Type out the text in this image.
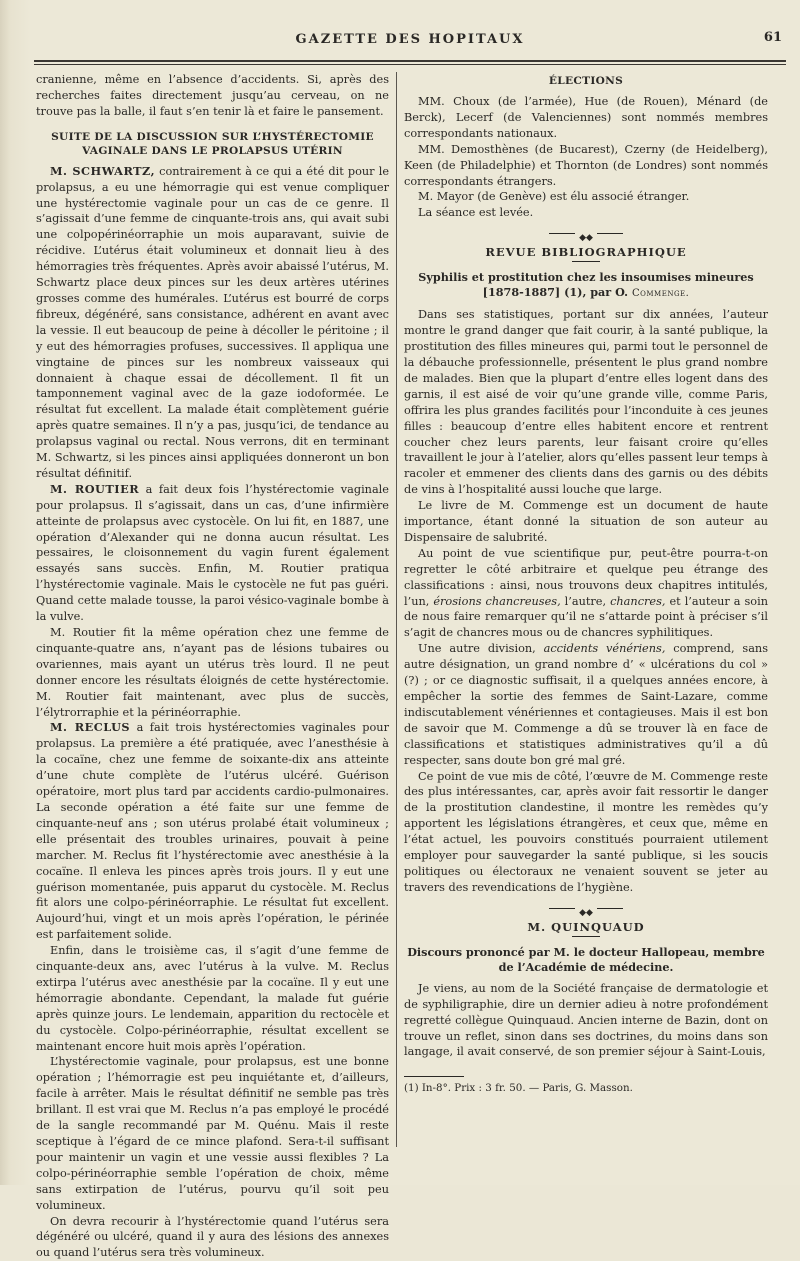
GAZETTE DES HOPITAUX	61

cranienne, même en l’absence d’accidents. Si, après des recherches faites directement jusqu’au cerveau, on ne trouve pas la balle, il faut s’en tenir là et faire le pansement.

SUITE DE LA DISCUSSION SUR L’HYSTÉRECTOMIE VAGINALE DANS LE PROLAPSUS UTÉRIN

M. SCHWARTZ, contrairement à ce qui a été dit pour le prolapsus, a eu une hémorragie qui est venue compliquer une hystérectomie vaginale pour un cas de ce genre. Il s’agissait d’une femme de cinquante-trois ans, qui avait subi une colpopérinéorraphie un mois auparavant, suivie de récidive. L’utérus était volumineux et donnait lieu à des hémorragies très fréquentes. Après avoir abaissé l’utérus, M. Schwartz place deux pinces sur les deux artères utérines grosses comme des humérales. L’utérus est bourré de corps fibreux, dégénéré, sans consistance, adhérent en avant avec la vessie. Il eut beaucoup de peine à décoller le péritoine ; il y eut des hémorragies profuses, successives. Il appliqua une vingtaine de pinces sur les nombreux vaisseaux qui donnaient à chaque essai de décollement. Il fit un tamponnement vaginal avec de la gaze iodoformée. Le résultat fut excellent. La malade était complètement guérie après quatre semaines. Il n’y a pas, jusqu’ici, de tendance au prolapsus vaginal ou rectal. Nous verrons, dit en terminant M. Schwartz, si les pinces ainsi appliquées donneront un bon résultat définitif.

M. ROUTIER a fait deux fois l’hystérectomie vaginale pour prolapsus. Il s’agissait, dans un cas, d’une infirmière atteinte de prolapsus avec cystocèle. On lui fit, en 1887, une opération d’Alexander qui ne donna aucun résultat. Les pessaires, le cloisonnement du vagin furent également essayés sans succès. Enfin, M. Routier pratiqua l’hystérectomie vaginale. Mais le cystocèle ne fut pas guéri. Quand cette malade tousse, la paroi vésico-vaginale bombe à la vulve.

M. Routier fit la même opération chez une femme de cinquante-quatre ans, n’ayant pas de lésions tubaires ou ovariennes, mais ayant un utérus très lourd. Il ne peut donner encore les résultats éloignés de cette hystérectomie. M. Routier fait maintenant, avec plus de succès, l’élytrorraphie et la périnéorraphie.

M. RECLUS a fait trois hystérectomies vaginales pour prolapsus. La première a été pratiquée, avec l’anesthésie à la cocaïne, chez une femme de soixante-dix ans atteinte d’une chute complète de l’utérus ulcéré. Guérison opératoire, mort plus tard par accidents cardio-pulmonaires. La seconde opération a été faite sur une femme de cinquante-neuf ans ; son utérus prolabé était volumineux ; elle présentait des troubles urinaires, pouvait à peine marcher. M. Reclus fit l’hystérectomie avec anesthésie à la cocaïne. Il enleva les pinces après trois jours. Il y eut une guérison momentanée, puis apparut du cystocèle. M. Reclus fit alors une colpo-périnéorraphie. Le résultat fut excellent. Aujourd’hui, vingt et un mois après l’opération, le périnée est parfaitement solide.

Enfin, dans le troisième cas, il s’agit d’une femme de cinquante-deux ans, avec l’utérus à la vulve. M. Reclus extirpa l’utérus avec anesthésie par la cocaïne. Il y eut une hémorragie abondante. Cependant, la malade fut guérie après quinze jours. Le lendemain, apparition du rectocèle et du cystocèle. Colpo-périnéorraphie, résultat excellent se maintenant encore huit mois après l’opération.

L’hystérectomie vaginale, pour prolapsus, est une bonne opération ; l’hémorragie est peu inquiétante et, d’ailleurs, facile à arrêter. Mais le résultat définitif ne semble pas très brillant. Il est vrai que M. Reclus n’a pas employé le procédé de la sangle recommandé par M. Quénu. Mais il reste sceptique à l’égard de ce mince plafond. Sera-t-il suffisant pour maintenir un vagin et une vessie aussi flexibles ? La colpo-périnéorraphie semble l’opération de choix, même sans extirpation de l’utérus, pourvu qu’il soit peu volumineux.

On devra recourir à l’hystérectomie quand l’utérus sera dégénéré ou ulcéré, quand il y aura des lésions des annexes ou quand l’utérus sera très volumineux.

ÉLECTIONS

MM. Choux (de l’armée), Hue (de Rouen), Ménard (de Berck), Lecerf (de Valenciennes) sont nommés membres correspondants nationaux.

MM. Demosthènes (de Bucarest), Czerny (de Heidelberg), Keen (de Philadelphie) et Thornton (de Londres) sont nommés correspondants étrangers.

M. Mayor (de Genève) est élu associé étranger.

La séance est levée.

◆◆
REVUE BIBLIOGRAPHIQUE
Syphilis et prostitution chez les insoumises mineures [1878-1887] (1), par O. Commenge.

Dans ses statistiques, portant sur dix années, l’auteur montre le grand danger que fait courir, à la santé publique, la prostitution des filles mineures qui, parmi tout le personnel de la débauche professionnelle, présentent le plus grand nombre de malades. Bien que la plupart d’entre elles logent dans des garnis, il est aisé de voir qu’une grande ville, comme Paris, offrira les plus grandes facilités pour l’inconduite à ces jeunes filles : beaucoup d’entre elles habitent encore et rentrent coucher chez leurs parents, leur faisant croire qu’elles travaillent le jour à l’atelier, alors qu’elles passent leur temps à racoler et emmener des clients dans des garnis ou des débits de vins à l’hospitalité aussi louche que large.

Le livre de M. Commenge est un document de haute importance, étant donné la situation de son auteur au Dispensaire de salubrité.

Au point de vue scientifique pur, peut-être pourra-t-on regretter le côté arbitraire et quelque peu étrange des classifications : ainsi, nous trouvons deux chapitres intitulés, l’un, érosions chancreuses, l’autre, chancres, et l’auteur a soin de nous faire remarquer qu’il ne s’attarde point à préciser s’il s’agit de chancres mous ou de chancres syphilitiques.

Une autre division, accidents vénériens, comprend, sans autre désignation, un grand nombre d’ « ulcérations du col » (?) ; or ce diagnostic suffisait, il a quelques années encore, à empêcher la sortie des femmes de Saint-Lazare, comme indiscutablement vénériennes et contagieuses. Mais il est bon de savoir que M. Commenge a dû se trouver là en face de classifications et statistiques administratives qu’il a dû respecter, sans doute bon gré mal gré.

Ce point de vue mis de côté, l’œuvre de M. Commenge reste des plus intéressantes, car, après avoir fait ressortir le danger de la prostitution clandestine, il montre les remèdes qu’y apportent les législations étrangères, et ceux que, même en l’état actuel, les pouvoirs constitués pourraient utilement employer pour sauvegarder la santé publique, si les soucis politiques ou électoraux ne venaient souvent se jeter au travers des revendications de l’hygiène.

◆◆
M. QUINQUAUD
Discours prononcé par M. le docteur Hallopeau, membre de l’Académie de médecine.

Je viens, au nom de la Société française de dermatologie et de syphiligraphie, dire un dernier adieu à notre profondément regretté collègue Quinquaud. Ancien interne de Bazin, dont on trouve un reflet, sinon dans ses doctrines, du moins dans son langage, il avait conservé, de son premier séjour à Saint-Louis,

(1) In-8°. Prix : 3 fr. 50. — Paris, G. Masson.
